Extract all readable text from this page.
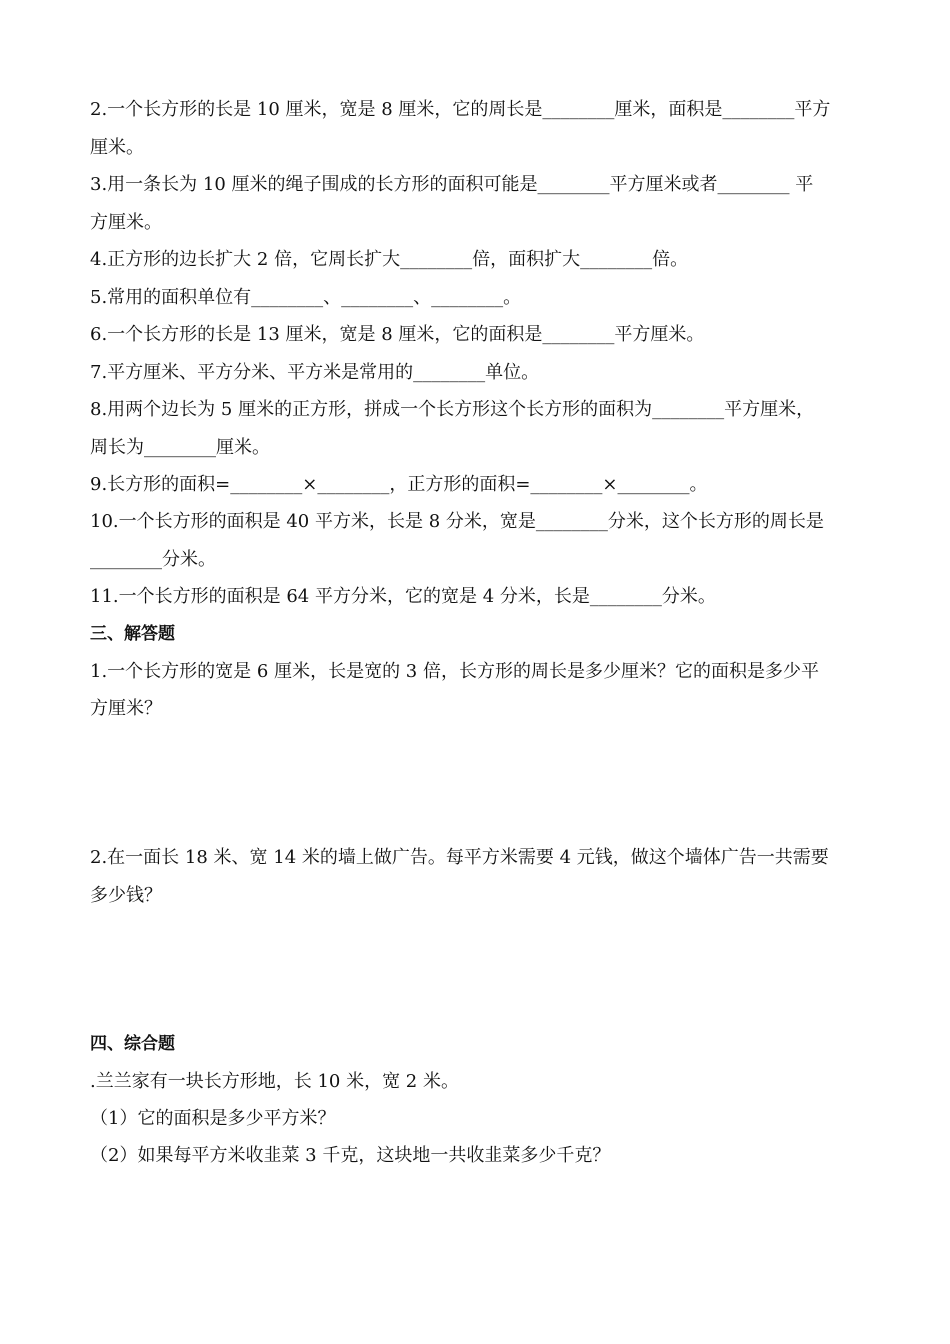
2.一个长方形的长是 10 厘米，宽是 8 厘米，它的周长是________厘米，面积是________平方
厘米。
3.用一条长为 10 厘米的绳子围成的长方形的面积可能是________平方厘米或者________ 平
方厘米。
4.正方形的边长扩大 2 倍，它周长扩大________倍，面积扩大________倍。
5.常用的面积单位有________、________、________。
6.一个长方形的长是 13 厘米，宽是 8 厘米，它的面积是________平方厘米。
7.平方厘米、平方分米、平方米是常用的________单位。
8.用两个边长为 5 厘米的正方形，拼成一个长方形这个长方形的面积为________平方厘米，
周长为________厘米。
9.长方形的面积=________×________，正方形的面积=________×________。
10.一个长方形的面积是 40 平方米，长是 8 分米，宽是________分米，这个长方形的周长是
________分米。
11.一个长方形的面积是 64 平方分米，它的宽是 4 分米，长是________分米。
三、解答题
1.一个长方形的宽是 6 厘米，长是宽的 3 倍，长方形的周长是多少厘米？它的面积是多少平
方厘米？
2.在一面长 18 米、宽 14 米的墙上做广告。每平方米需要 4 元钱，做这个墙体广告一共需要
多少钱？
四、综合题
.兰兰家有一块长方形地，长 10 米，宽 2 米。
（1）它的面积是多少平方米？
（2）如果每平方米收韭菜 3 千克，这块地一共收韭菜多少千克？
